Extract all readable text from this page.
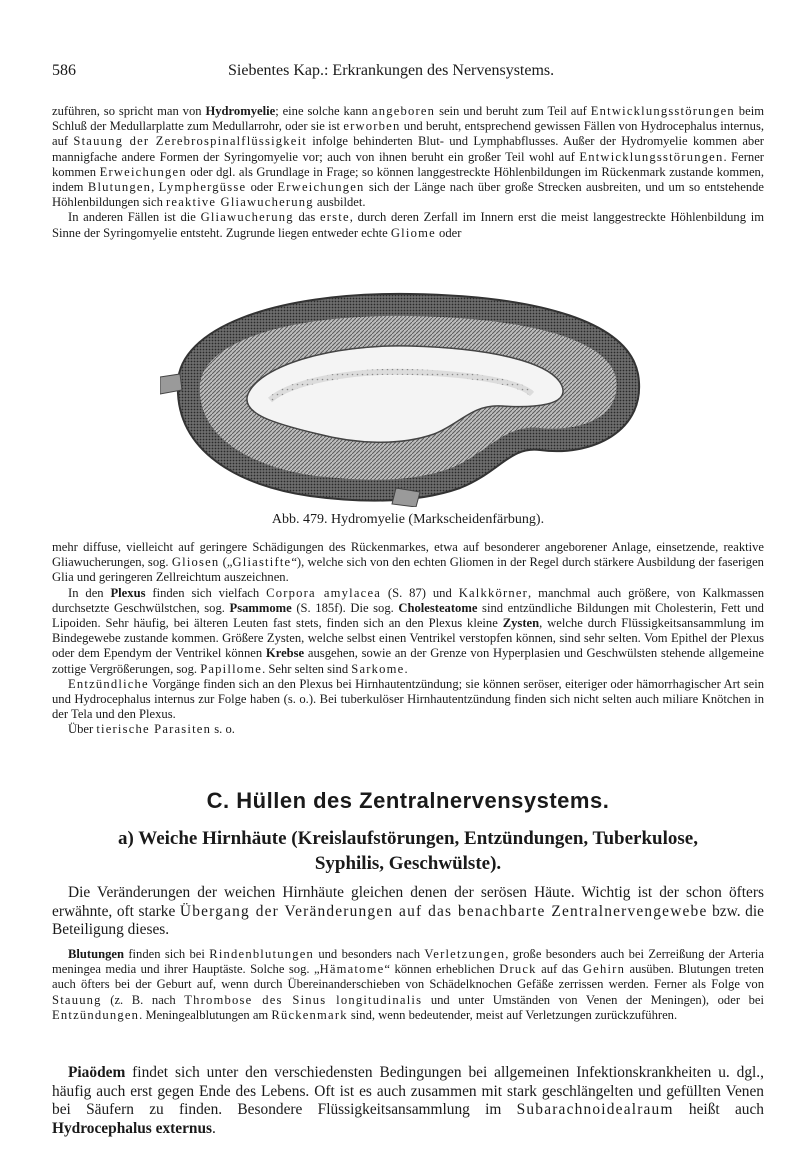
586	Siebentes Kap.: Erkrankungen des Nervensystems.

zuführen, so spricht man von Hydromyelie; eine solche kann angeboren sein und beruht zum Teil auf Entwicklungsstörungen beim Schluß der Medullarplatte zum Medullarrohr, oder sie ist erworben und beruht, entsprechend gewissen Fällen von Hydrocephalus internus, auf Stauung der Zerebrospinalflüssigkeit infolge behinderten Blut- und Lymphabflusses. Außer der Hydromyelie kommen aber mannigfache andere Formen der Syringomyelie vor; auch von ihnen beruht ein großer Teil wohl auf Entwicklungsstörungen. Ferner kommen Erweichungen oder dgl. als Grundlage in Frage; so können langgestreckte Höhlenbildungen im Rückenmark zustande kommen, indem Blutungen, Lymphergüsse oder Erweichungen sich der Länge nach über große Strecken ausbreiten, und um so entstehende Höhlenbildungen sich reaktive Gliawucherung ausbildet.

In anderen Fällen ist die Gliawucherung das erste, durch deren Zerfall im Innern erst die meist langgestreckte Höhlenbildung im Sinne der Syringomyelie entsteht. Zugrunde liegen entweder echte Gliome oder

Abb. 479. Hydromyelie (Markscheidenfärbung).

mehr diffuse, vielleicht auf geringere Schädigungen des Rückenmarkes, etwa auf besonderer angeborener Anlage, einsetzende, reaktive Gliawucherungen, sog. Gliosen („Gliastifte“), welche sich von den echten Gliomen in der Regel durch stärkere Ausbildung der faserigen Glia und geringeren Zellreichtum auszeichnen.

In den Plexus finden sich vielfach Corpora amylacea (S. 87) und Kalkkörner, manchmal auch größere, von Kalkmassen durchsetzte Geschwülstchen, sog. Psammome (S. 185f). Die sog. Cholesteatome sind entzündliche Bildungen mit Cholesterin, Fett und Lipoiden. Sehr häufig, bei älteren Leuten fast stets, finden sich an den Plexus kleine Zysten, welche durch Flüssigkeitsansammlung im Bindegewebe zustande kommen. Größere Zysten, welche selbst einen Ventrikel verstopfen können, sind sehr selten. Vom Epithel der Plexus oder dem Ependym der Ventrikel können Krebse ausgehen, sowie an der Grenze von Hyperplasien und Geschwülsten stehende allgemeine zottige Vergrößerungen, sog. Papillome. Sehr selten sind Sarkome.

Entzündliche Vorgänge finden sich an den Plexus bei Hirnhautentzündung; sie können seröser, eiteriger oder hämorrhagischer Art sein und Hydrocephalus internus zur Folge haben (s. o.). Bei tuberkulöser Hirnhautentzündung finden sich nicht selten auch miliare Knötchen in der Tela und den Plexus.

Über tierische Parasiten s. o.

C. Hüllen des Zentralnervensystems.
a) Weiche Hirnhäute (Kreislaufstörungen, Entzündungen, Tuberkulose,
Syphilis, Geschwülste).

Die Veränderungen der weichen Hirnhäute gleichen denen der serösen Häute. Wichtig ist der schon öfters erwähnte, oft starke Übergang der Veränderungen auf das benachbarte Zentralnervengewebe bzw. die Beteiligung dieses.

Blutungen finden sich bei Rindenblutungen und besonders nach Verletzungen, große besonders auch bei Zerreißung der Arteria meningea media und ihrer Hauptäste. Solche sog. „Hämatome“ können erheblichen Druck auf das Gehirn ausüben. Blutungen treten auch öfters bei der Geburt auf, wenn durch Übereinanderschieben von Schädelknochen Gefäße zerrissen werden. Ferner als Folge von Stauung (z. B. nach Thrombose des Sinus longitudinalis und unter Umständen von Venen der Meningen), oder bei Entzündungen. Meningealblutungen am Rückenmark sind, wenn bedeutender, meist auf Verletzungen zurückzuführen.

Piaödem findet sich unter den verschiedensten Bedingungen bei allgemeinen Infektionskrankheiten u. dgl., häufig auch erst gegen Ende des Lebens. Oft ist es auch zusammen mit stark geschlängelten und gefüllten Venen bei Säufern zu finden. Besondere Flüssigkeitsansammlung im Subarachnoidealraum heißt auch Hydrocephalus externus.
